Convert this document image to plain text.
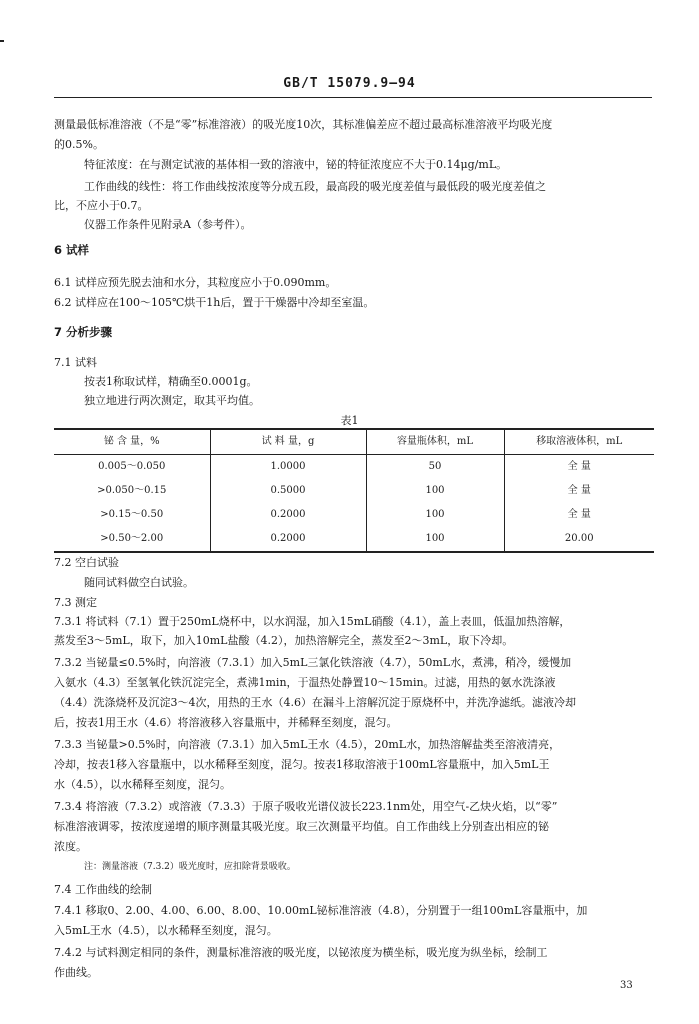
GB/T 15079.9—94
测量最低标准溶液（不是“零”标准溶液）的吸光度10次，其标准偏差应不超过最高标准溶液平均吸光度
的0.5%。
特征浓度：在与测定试液的基体相一致的溶液中，铋的特征浓度应不大于0.14μg/mL。
工作曲线的线性：将工作曲线按浓度等分成五段，最高段的吸光度差值与最低段的吸光度差值之
比，不应小于0.7。
仪器工作条件见附录A（参考件）。
6 试样
6.1 试样应预先脱去油和水分，其粒度应小于0.090mm。
6.2 试样应在100～105℃烘干1h后，置于干燥器中冷却至室温。
7 分析步骤
7.1 试料
按表1称取试样，精确至0.0001g。
独立地进行两次测定，取其平均值。
表1
铋 含 量，%	试 料 量，g	容量瓶体积，mL	移取溶液体积，mL
0.005～0.050	1.0000	50	全 量
>0.050～0.15	0.5000	100	全 量
>0.15～0.50	0.2000	100	全 量
>0.50～2.00	0.2000	100	20.00
7.2 空白试验
随同试料做空白试验。
7.3 测定
7.3.1 将试料（7.1）置于250mL烧杯中，以水润湿，加入15mL硝酸（4.1），盖上表皿，低温加热溶解，
蒸发至3～5mL，取下，加入10mL盐酸（4.2），加热溶解完全，蒸发至2～3mL，取下冷却。
7.3.2 当铋量≤0.5%时，向溶液（7.3.1）加入5mL三氯化铁溶液（4.7），50mL水，煮沸，稍冷，缓慢加
入氨水（4.3）至氢氧化铁沉淀完全，煮沸1min，于温热处静置10～15min。过滤，用热的氨水洗涤液
（4.4）洗涤烧杯及沉淀3～4次，用热的王水（4.6）在漏斗上溶解沉淀于原烧杯中，并洗净滤纸。滤液冷却
后，按表1用王水（4.6）将溶液移入容量瓶中，并稀释至刻度，混匀。
7.3.3 当铋量>0.5%时，向溶液（7.3.1）加入5mL王水（4.5），20mL水，加热溶解盐类至溶液清亮，
冷却，按表1移入容量瓶中，以水稀释至刻度，混匀。按表1移取溶液于100mL容量瓶中，加入5mL王
水（4.5），以水稀释至刻度，混匀。
7.3.4 将溶液（7.3.2）或溶液（7.3.3）于原子吸收光谱仪波长223.1nm处，用空气-乙炔火焰，以“零”
标准溶液调零，按浓度递增的顺序测量其吸光度。取三次测量平均值。自工作曲线上分别查出相应的铋
浓度。
注：测量溶液（7.3.2）吸光度时，应扣除背景吸收。
7.4 工作曲线的绘制
7.4.1 移取0、2.00、4.00、6.00、8.00、10.00mL铋标准溶液（4.8），分别置于一组100mL容量瓶中，加
入5mL王水（4.5），以水稀释至刻度，混匀。
7.4.2 与试料测定相同的条件，测量标准溶液的吸光度，以铋浓度为横坐标，吸光度为纵坐标，绘制工
作曲线。
33
